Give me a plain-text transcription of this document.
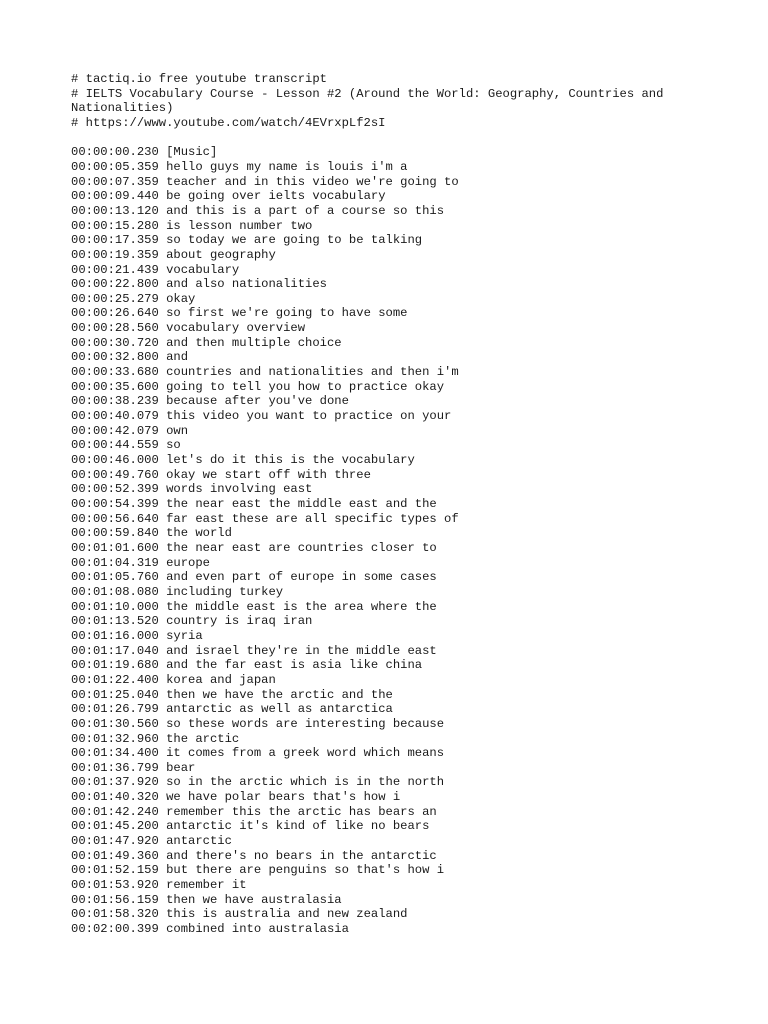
# tactiq.io free youtube transcript

# IELTS Vocabulary Course - Lesson #2 (Around the World: Geography, Countries and Nationalities)

# https://www.youtube.com/watch/4EVrxpLf2sI

00:00:00.230 [Music]
00:00:05.359 hello guys my name is louis i'm a
00:00:07.359 teacher and in this video we're going to
00:00:09.440 be going over ielts vocabulary
00:00:13.120 and this is a part of a course so this
00:00:15.280 is lesson number two
00:00:17.359 so today we are going to be talking
00:00:19.359 about geography
00:00:21.439 vocabulary
00:00:22.800 and also nationalities
00:00:25.279 okay
00:00:26.640 so first we're going to have some
00:00:28.560 vocabulary overview
00:00:30.720 and then multiple choice
00:00:32.800 and
00:00:33.680 countries and nationalities and then i'm
00:00:35.600 going to tell you how to practice okay
00:00:38.239 because after you've done
00:00:40.079 this video you want to practice on your
00:00:42.079 own
00:00:44.559 so
00:00:46.000 let's do it this is the vocabulary
00:00:49.760 okay we start off with three
00:00:52.399 words involving east
00:00:54.399 the near east the middle east and the
00:00:56.640 far east these are all specific types of
00:00:59.840 the world
00:01:01.600 the near east are countries closer to
00:01:04.319 europe
00:01:05.760 and even part of europe in some cases
00:01:08.080 including turkey
00:01:10.000 the middle east is the area where the
00:01:13.520 country is iraq iran
00:01:16.000 syria
00:01:17.040 and israel they're in the middle east
00:01:19.680 and the far east is asia like china
00:01:22.400 korea and japan
00:01:25.040 then we have the arctic and the
00:01:26.799 antarctic as well as antarctica
00:01:30.560 so these words are interesting because
00:01:32.960 the arctic
00:01:34.400 it comes from a greek word which means
00:01:36.799 bear
00:01:37.920 so in the arctic which is in the north
00:01:40.320 we have polar bears that's how i
00:01:42.240 remember this the arctic has bears an
00:01:45.200 antarctic it's kind of like no bears
00:01:47.920 antarctic
00:01:49.360 and there's no bears in the antarctic
00:01:52.159 but there are penguins so that's how i
00:01:53.920 remember it
00:01:56.159 then we have australasia
00:01:58.320 this is australia and new zealand
00:02:00.399 combined into australasia
